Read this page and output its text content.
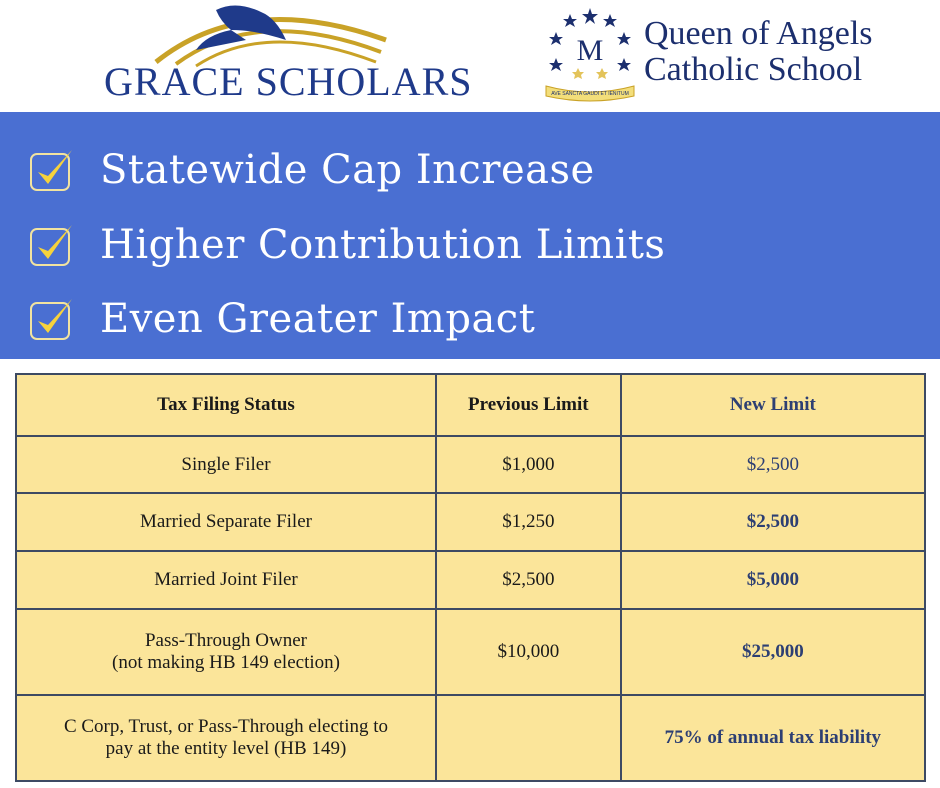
GRACE SCHOLARS
M
AVE SANCTA GAUDI ET IENITUM
Queen of Angels
Catholic School
Statewide Cap Increase
Higher Contribution Limits
Even Greater Impact
Tax Filing Status	Previous Limit	New Limit
Single Filer	$1,000	$2,500
Married Separate Filer	$1,250	$2,500
Married Joint Filer	$2,500	$5,000

Pass-Through Owner
(not making HB 149 election)	$10,000	$25,000

C Corp, Trust, or Pass-Through electing to
pay at the entity level (HB 149)		75% of annual tax liability
